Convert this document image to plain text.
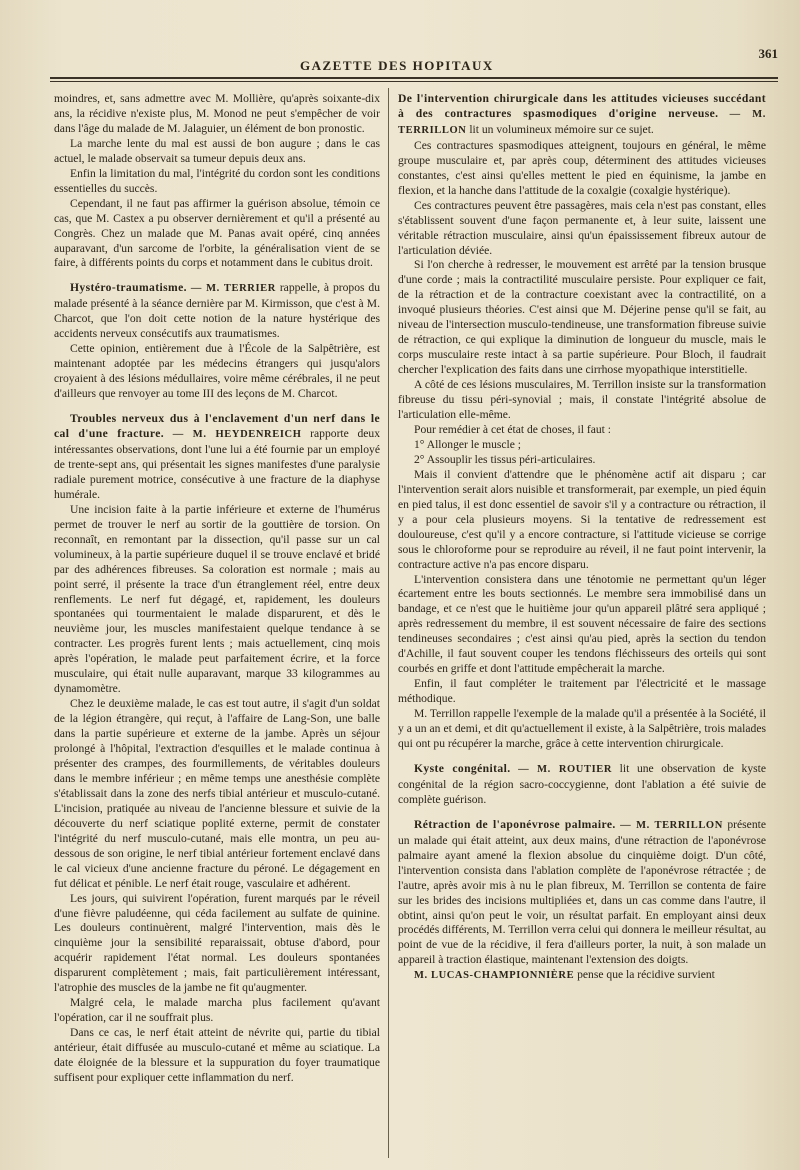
GAZETTE DES HOPITAUX
361

moindres, et, sans admettre avec M. Mollière, qu'après soixante-dix ans, la récidive n'existe plus, M. Monod ne peut s'empêcher de voir dans l'âge du malade de M. Jalaguier, un élément de bon pronostic.

La marche lente du mal est aussi de bon augure ; dans le cas actuel, le malade observait sa tumeur depuis deux ans.

Enfin la limitation du mal, l'intégrité du cordon sont les conditions essentielles du succès.

Cependant, il ne faut pas affirmer la guérison absolue, témoin ce cas, que M. Castex a pu observer dernièrement et qu'il a présenté au Congrès. Chez un malade que M. Panas avait opéré, cinq années auparavant, d'un sarcome de l'orbite, la généralisation vient de se faire, à différents points du corps et notamment dans le cubitus droit.

Hystéro-traumatisme. — M. TERRIER rappelle, à propos du malade présenté à la séance dernière par M. Kirmisson, que c'est à M. Charcot, que l'on doit cette notion de la nature hystérique des accidents nerveux consécutifs aux traumatismes.

Cette opinion, entièrement due à l'École de la Salpêtrière, est maintenant adoptée par les médecins étrangers qui jusqu'alors croyaient à des lésions médullaires, voire même cérébrales, il ne peut d'ailleurs que renvoyer au tome III des leçons de M. Charcot.

Troubles nerveux dus à l'enclavement d'un nerf dans le cal d'une fracture. — M. HEYDENREICH rapporte deux intéressantes observations, dont l'une lui a été fournie par un employé de trente-sept ans, qui présentait les signes manifestes d'une paralysie radiale purement motrice, consécutive à une fracture de la diaphyse humérale.

Une incision faite à la partie inférieure et externe de l'humérus permet de trouver le nerf au sortir de la gouttière de torsion. On reconnaît, en remontant par la dissection, qu'il passe sur un cal volumineux, à la partie supérieure duquel il se trouve enclavé et bridé par des adhérences fibreuses. Sa coloration est normale ; mais au point serré, il présente la trace d'un étranglement réel, entre deux renflements. Le nerf fut dégagé, et, rapidement, les douleurs spontanées qui tourmentaient le malade disparurent, et dès le neuvième jour, les muscles manifestaient quelque tendance à se contracter. Les progrès furent lents ; mais actuellement, cinq mois après l'opération, le malade peut parfaitement écrire, et la force musculaire, qui était nulle auparavant, marque 33 kilogrammes au dynamomètre.

Chez le deuxième malade, le cas est tout autre, il s'agit d'un soldat de la légion étrangère, qui reçut, à l'affaire de Lang-Son, une balle dans la partie supérieure et externe de la jambe. Après un séjour prolongé à l'hôpital, l'extraction d'esquilles et le malade continua à présenter des crampes, des fourmillements, de véritables douleurs dans le membre inférieur ; en même temps une anesthésie complète s'établissait dans la zone des nerfs tibial antérieur et musculo-cutané. L'incision, pratiquée au niveau de l'ancienne blessure et suivie de la découverte du nerf sciatique poplité externe, permit de constater l'intégrité du nerf musculo-cutané, mais elle montra, un peu au-dessous de son origine, le nerf tibial antérieur fortement enclavé dans le cal vicieux d'une ancienne fracture du péroné. Le dégagement en fut délicat et pénible. Le nerf était rouge, vasculaire et adhérent.

Les jours, qui suivirent l'opération, furent marqués par le réveil d'une fièvre paludéenne, qui céda facilement au sulfate de quinine. Les douleurs continuèrent, malgré l'intervention, mais dès le cinquième jour la sensibilité reparaissait, obtuse d'abord, pour acquérir rapidement l'état normal. Les douleurs spontanées disparurent complètement ; mais, fait particulièrement intéressant, l'atrophie des muscles de la jambe ne fit qu'augmenter.

Malgré cela, le malade marcha plus facilement qu'avant l'opération, car il ne souffrait plus.

Dans ce cas, le nerf était atteint de névrite qui, partie du tibial antérieur, était diffusée au musculo-cutané et même au sciatique. La date éloignée de la blessure et la suppuration du foyer traumatique suffisent pour expliquer cette inflammation du nerf.

De l'intervention chirurgicale dans les attitudes vicieuses succédant à des contractures spasmodiques d'origine nerveuse. — M. TERRILLON lit un volumineux mémoire sur ce sujet.

Ces contractures spasmodiques atteignent, toujours en général, le même groupe musculaire et, par après coup, déterminent des attitudes vicieuses constantes, c'est ainsi qu'elles mettent le pied en équinisme, la jambe en flexion, et la hanche dans l'attitude de la coxalgie (coxalgie hystérique).

Ces contractures peuvent être passagères, mais cela n'est pas constant, elles s'établissent souvent d'une façon permanente et, à leur suite, laissent une véritable rétraction musculaire, ainsi qu'un épaississement fibreux autour de l'articulation déviée.

Si l'on cherche à redresser, le mouvement est arrêté par la tension brusque d'une corde ; mais la contractilité musculaire persiste. Pour expliquer ce fait, de la rétraction et de la contracture coexistant avec la contractilité, on a invoqué plusieurs théories. C'est ainsi que M. Déjerine pense qu'il se fait, au niveau de l'intersection musculo-tendineuse, une transformation fibreuse suivie de rétraction, ce qui explique la diminution de longueur du muscle, mais le corps musculaire reste intact à sa partie supérieure. Pour Bloch, il faudrait chercher l'explication des faits dans une cirrhose myopathique interstitielle.

A côté de ces lésions musculaires, M. Terrillon insiste sur la transformation fibreuse du tissu péri-synovial ; mais, il constate l'intégrité absolue de l'articulation elle-même.

Pour remédier à cet état de choses, il faut :

1° Allonger le muscle ;

2° Assouplir les tissus péri-articulaires.

Mais il convient d'attendre que le phénomène actif ait disparu ; car l'intervention serait alors nuisible et transformerait, par exemple, un pied équin en pied talus, il est donc essentiel de savoir s'il y a contracture ou rétraction, il y a pour cela plusieurs moyens. Si la tentative de redressement est douloureuse, c'est qu'il y a encore contracture, si l'attitude vicieuse se corrige sous le chloroforme pour se reproduire au réveil, il ne faut point intervenir, la contracture active n'a pas encore disparu.

L'intervention consistera dans une ténotomie ne permettant qu'un léger écartement entre les bouts sectionnés. Le membre sera immobilisé dans un bandage, et ce n'est que le huitième jour qu'un appareil plâtré sera appliqué ; après redressement du membre, il est souvent nécessaire de faire des sections tendineuses secondaires ; c'est ainsi qu'au pied, après la section du tendon d'Achille, il faut souvent couper les tendons fléchisseurs des orteils qui sont courbés en griffe et dont l'attitude empêcherait la marche.

Enfin, il faut compléter le traitement par l'électricité et le massage méthodique.

M. Terrillon rappelle l'exemple de la malade qu'il a présentée à la Société, il y a un an et demi, et dit qu'actuellement il existe, à la Salpêtrière, trois malades qui ont pu récupérer la marche, grâce à cette intervention chirurgicale.

Kyste congénital. — M. ROUTIER lit une observation de kyste congénital de la région sacro-coccygienne, dont l'ablation a été suivie de complète guérison.

Rétraction de l'aponévrose palmaire. — M. TERRILLON présente un malade qui était atteint, aux deux mains, d'une rétraction de l'aponévrose palmaire ayant amené la flexion absolue du cinquième doigt. D'un côté, l'intervention consista dans l'ablation complète de l'aponévrose rétractée ; de l'autre, après avoir mis à nu le plan fibreux, M. Terrillon se contenta de faire sur les brides des incisions multipliées et, dans un cas comme dans l'autre, il obtint, ainsi qu'on peut le voir, un résultat parfait. En employant ainsi deux procédés différents, M. Terrillon verra celui qui donnera le meilleur résultat, au point de vue de la récidive, il fera d'ailleurs porter, la nuit, à son malade un appareil à traction élastique, maintenant l'extension des doigts.

M. LUCAS-CHAMPIONNIÈRE pense que la récidive survient
